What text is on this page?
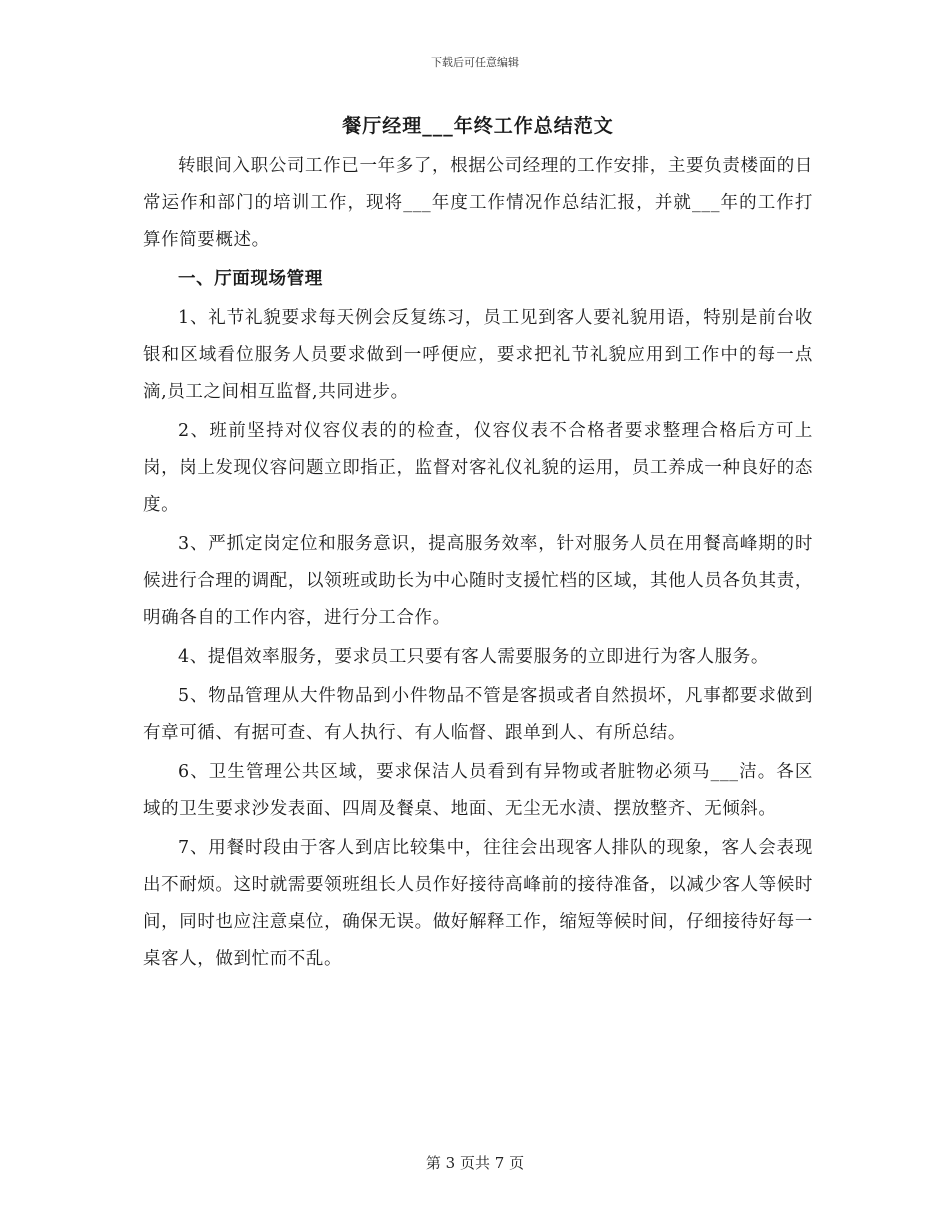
下载后可任意编辑
餐厅经理___年终工作总结范文

转眼间入职公司工作已一年多了，根据公司经理的工作安排，主要负责楼面的日常运作和部门的培训工作，现将___年度工作情况作总结汇报，并就___年的工作打算作简要概述。

一、厅面现场管理

1、礼节礼貌要求每天例会反复练习，员工见到客人要礼貌用语，特别是前台收银和区域看位服务人员要求做到一呼便应，要求把礼节礼貌应用到工作中的每一点滴,员工之间相互监督,共同进步。

2、班前坚持对仪容仪表的的检查，仪容仪表不合格者要求整理合格后方可上岗，岗上发现仪容问题立即指正，监督对客礼仪礼貌的运用，员工养成一种良好的态度。

3、严抓定岗定位和服务意识，提高服务效率，针对服务人员在用餐高峰期的时候进行合理的调配，以领班或助长为中心随时支援忙档的区域，其他人员各负其责，明确各自的工作内容，进行分工合作。

4、提倡效率服务，要求员工只要有客人需要服务的立即进行为客人服务。

5、物品管理从大件物品到小件物品不管是客损或者自然损坏，凡事都要求做到有章可循、有据可查、有人执行、有人临督、跟单到人、有所总结。

6、卫生管理公共区域，要求保洁人员看到有异物或者脏物必须马___洁。各区域的卫生要求沙发表面、四周及餐桌、地面、无尘无水渍、摆放整齐、无倾斜。

7、用餐时段由于客人到店比较集中，往往会出现客人排队的现象，客人会表现出不耐烦。这时就需要领班组长人员作好接待高峰前的接待准备，以减少客人等候时间，同时也应注意桌位，确保无误。做好解释工作，缩短等候时间，仔细接待好每一桌客人，做到忙而不乱。

第 3 页共 7 页
